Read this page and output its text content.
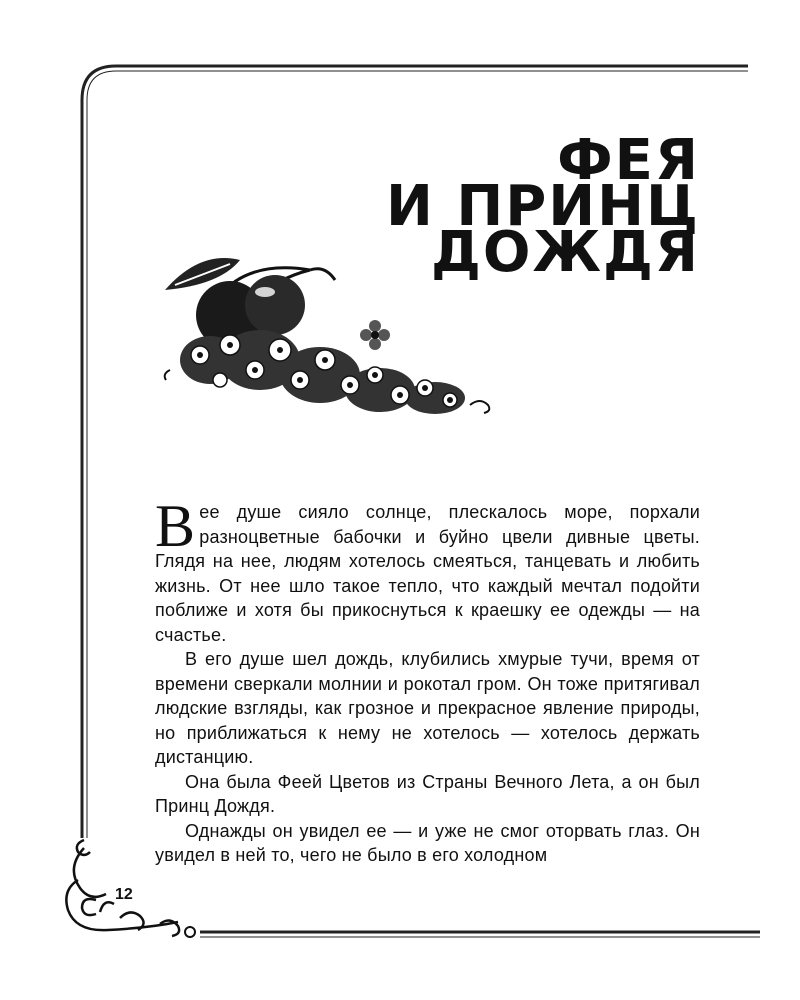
ФЕЯ
И ПРИНЦ
ДОЖДЯ

Вее душе сияло солнце, плескалось море, порхали разноцветные бабочки и буйно цвели дивные цветы. Глядя на нее, людям хотелось смеяться, танцевать и любить жизнь. От нее шло такое тепло, что каждый мечтал подойти поближе и хотя бы прикоснуться к краешку ее одежды — на счастье.

В его душе шел дождь, клубились хмурые тучи, время от времени сверкали молнии и рокотал гром. Он тоже притягивал людские взгляды, как грозное и прекрасное явление природы, но приближаться к нему не хотелось — хотелось держать дистанцию.

Она была Феей Цветов из Страны Вечного Лета, а он был Принц Дождя.

Однажды он увидел ее — и уже не смог оторвать глаз. Он увидел в ней то, чего не было в его холодном

12
